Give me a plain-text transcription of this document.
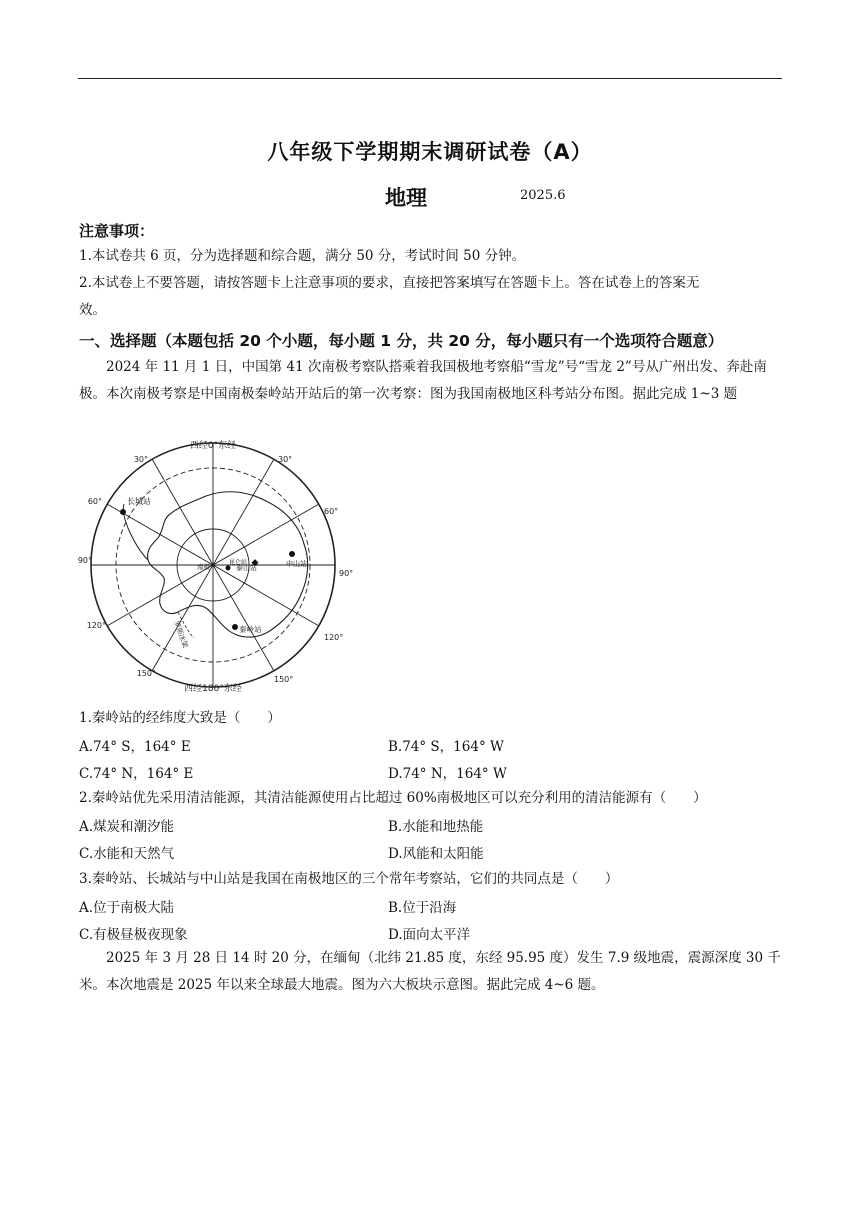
八年级下学期期末调研试卷（A）
地理	2025.6
注意事项：
1.本试卷共 6 页，分为选择题和综合题，满分 50 分，考试时间 50 分钟。
2.本试卷上不要答题，请按答题卡上注意事项的要求，直接把答案填写在答题卡上。答在试卷上的答案无
效。
一、选择题（本题包括 20 个小题，每小题 1 分，共 20 分，每小题只有一个选项符合题意）
2024 年 11 月 1 日，中国第 41 次南极考察队搭乘着我国极地考察船“雪龙”号“雪龙 2”号从广州出发、奔赴南极。本次南极考察是中国南极秦岭站开站后的第一次考察：图为我国南极地区科考站分布图。据此完成 1~3 题
西经0°东经
西经180°东经
30°	30°
60°
60°
90°
90°
120°
120°
150°
150°
长城站
泰山站	中山站
昆仑站
秦岭站
南极
罗斯冰架
1.秦岭站的经纬度大致是（　　）
A.74° S，164° E	B.74° S，164° W
C.74° N，164° E	D.74° N，164° W
2.秦岭站优先采用清洁能源，其清洁能源使用占比超过 60%南极地区可以充分利用的清洁能源有（　　）
A.煤炭和潮汐能	B.水能和地热能
C.水能和天然气	D.风能和太阳能
3.秦岭站、长城站与中山站是我国在南极地区的三个常年考察站，它们的共同点是（　　）
A.位于南极大陆	B.位于沿海
C.有极昼极夜现象	D.面向太平洋
2025 年 3 月 28 日 14 时 20 分，在缅甸（北纬 21.85 度，东经 95.95 度）发生 7.9 级地震，震源深度 30 千米。本次地震是 2025 年以来全球最大地震。图为六大板块示意图。据此完成 4~6 题。
